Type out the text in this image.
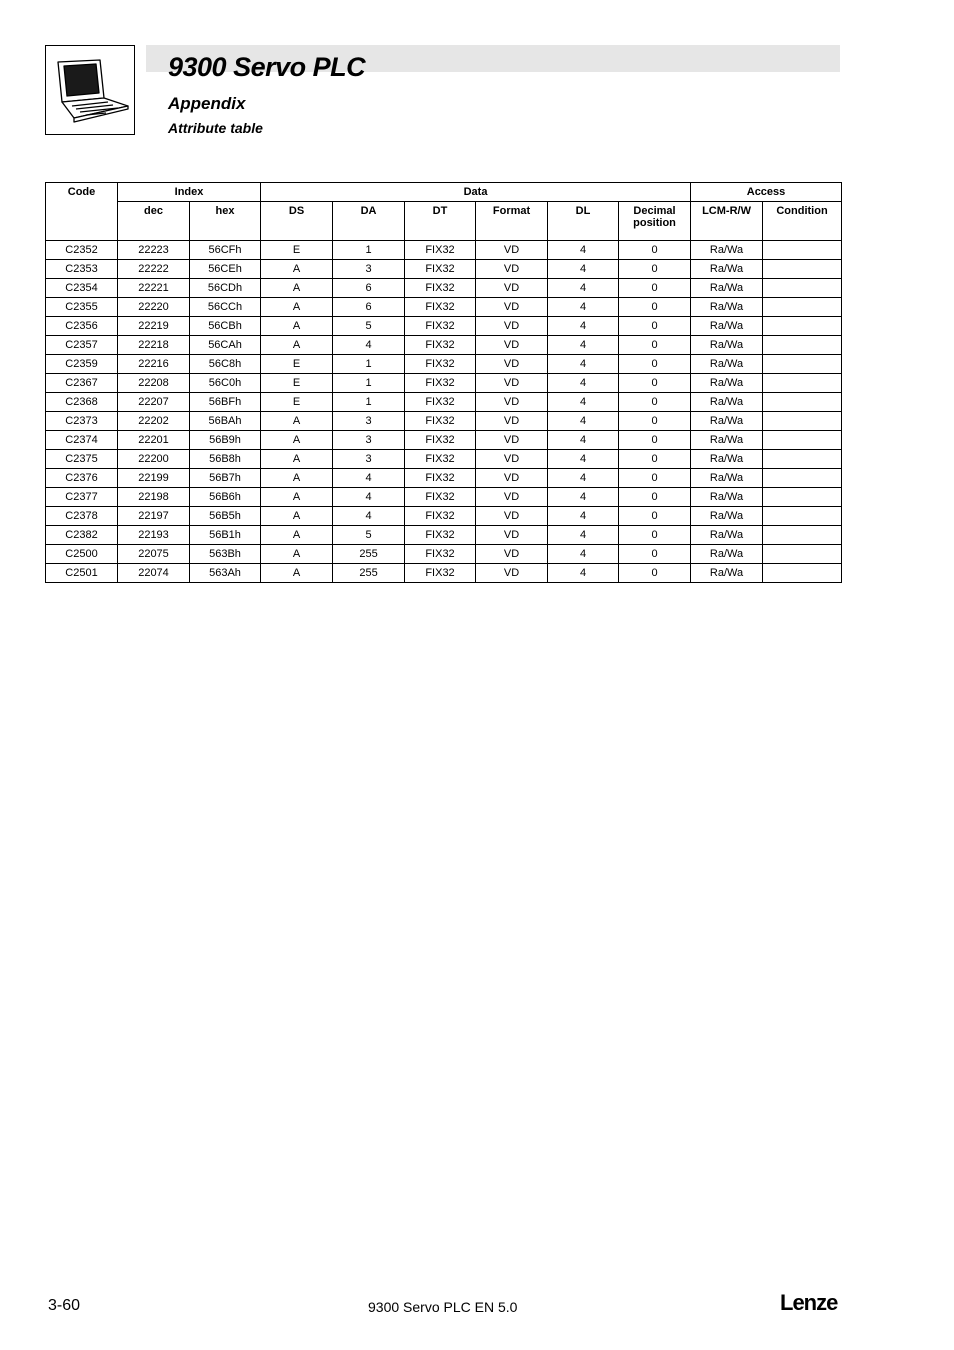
9300 Servo PLC
Appendix
Attribute table
Code	Index		Data						Access	
	dec	hex	DS	DA	DT	Format	DL	Decimal position	LCM-R/W	Condition
C2352	22223	56CFh	E	1	FIX32	VD	4	0	Ra/Wa	
C2353	22222	56CEh	A	3	FIX32	VD	4	0	Ra/Wa	
C2354	22221	56CDh	A	6	FIX32	VD	4	0	Ra/Wa	
C2355	22220	56CCh	A	6	FIX32	VD	4	0	Ra/Wa	
C2356	22219	56CBh	A	5	FIX32	VD	4	0	Ra/Wa	
C2357	22218	56CAh	A	4	FIX32	VD	4	0	Ra/Wa	
C2359	22216	56C8h	E	1	FIX32	VD	4	0	Ra/Wa	
C2367	22208	56C0h	E	1	FIX32	VD	4	0	Ra/Wa	
C2368	22207	56BFh	E	1	FIX32	VD	4	0	Ra/Wa	
C2373	22202	56BAh	A	3	FIX32	VD	4	0	Ra/Wa	
C2374	22201	56B9h	A	3	FIX32	VD	4	0	Ra/Wa	
C2375	22200	56B8h	A	3	FIX32	VD	4	0	Ra/Wa	
C2376	22199	56B7h	A	4	FIX32	VD	4	0	Ra/Wa	
C2377	22198	56B6h	A	4	FIX32	VD	4	0	Ra/Wa	
C2378	22197	56B5h	A	4	FIX32	VD	4	0	Ra/Wa	
C2382	22193	56B1h	A	5	FIX32	VD	4	0	Ra/Wa	
C2500	22075	563Bh	A	255	FIX32	VD	4	0	Ra/Wa	
C2501	22074	563Ah	A	255	FIX32	VD	4	0	Ra/Wa	
3-60	9300 Servo PLC EN 5.0	Lenze
